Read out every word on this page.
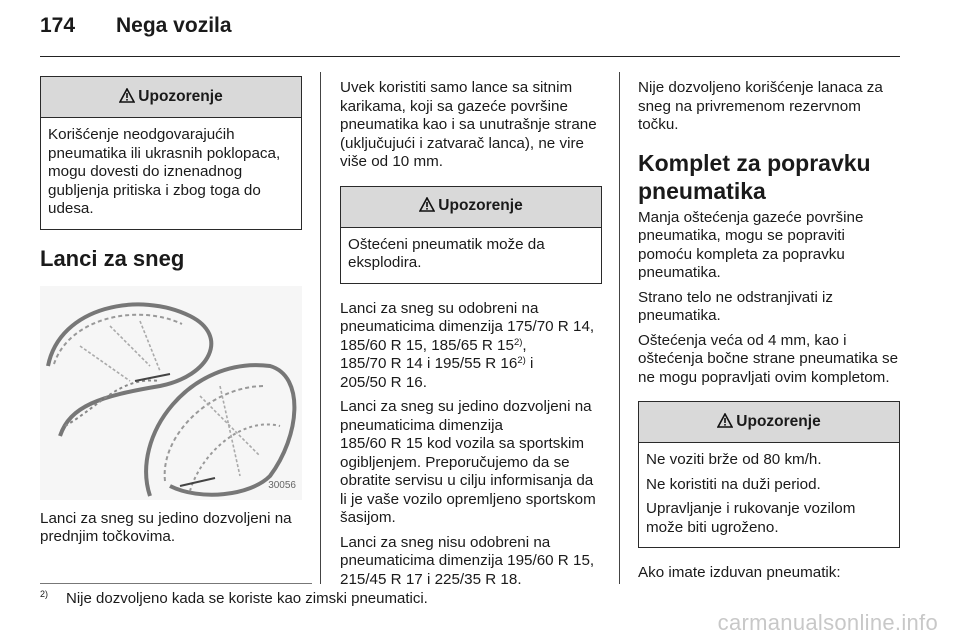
174 Nega vozila
Upozorenje

Korišćenje neodgovarajućih pneumatika ili ukrasnih poklopaca, mogu dovesti do iznenadnog gubljenja pritiska i zbog toga do udesa.

Lanci za sneg
30056

Lanci za sneg su jedino dozvoljeni na prednjim točkovima.

Uvek koristiti samo lance sa sitnim karikama, koji sa gazeće površine pneumatika kao i sa unutrašnje strane (uključujući i zatvarač lanca), ne vire više od 10 mm.

Upozorenje

Oštećeni pneumatik može da eksplodira.

Lanci za sneg su odobreni na pneumaticima dimenzija 175/70 R 14, 185/60 R 15, 185/65 R 15$^{2)}$,
185/70 R 14 i 195/55 R 16$^{2)}$ i
205/50 R 16.

Lanci za sneg su jedino dozvoljeni na pneumaticima dimenzija
185/60 R 15 kod vozila sa sportskim ogibljenjem. Preporučujemo da se obratite servisu u cilju informisanja da li je vaše vozilo opremljeno sportskom šasijom.

Lanci za sneg nisu odobreni na pneumaticima dimenzija 195/60 R 15, 215/45 R 17 i 225/35 R 18.

Nije dozvoljeno korišćenje lanaca za sneg na privremenom rezervnom točku.

Komplet za popravku pneumatika

Manja oštećenja gazeće površine pneumatika, mogu se popraviti pomoću kompleta za popravku pneumatika.

Strano telo ne odstranjivati iz pneumatika.

Oštećenja veća od 4 mm, kao i oštećenja bočne strane pneumatika se ne mogu popravljati ovim kompletom.

Upozorenje

Ne voziti brže od 80 km/h.

Ne koristiti na duži period.

Upravljanje i rukovanje vozilom može biti ugroženo.

Ako imate izduvan pneumatik:

$^{2)}$ Nije dozvoljeno kada se koriste kao zimski pneumatici.
carmanualsonline.info
